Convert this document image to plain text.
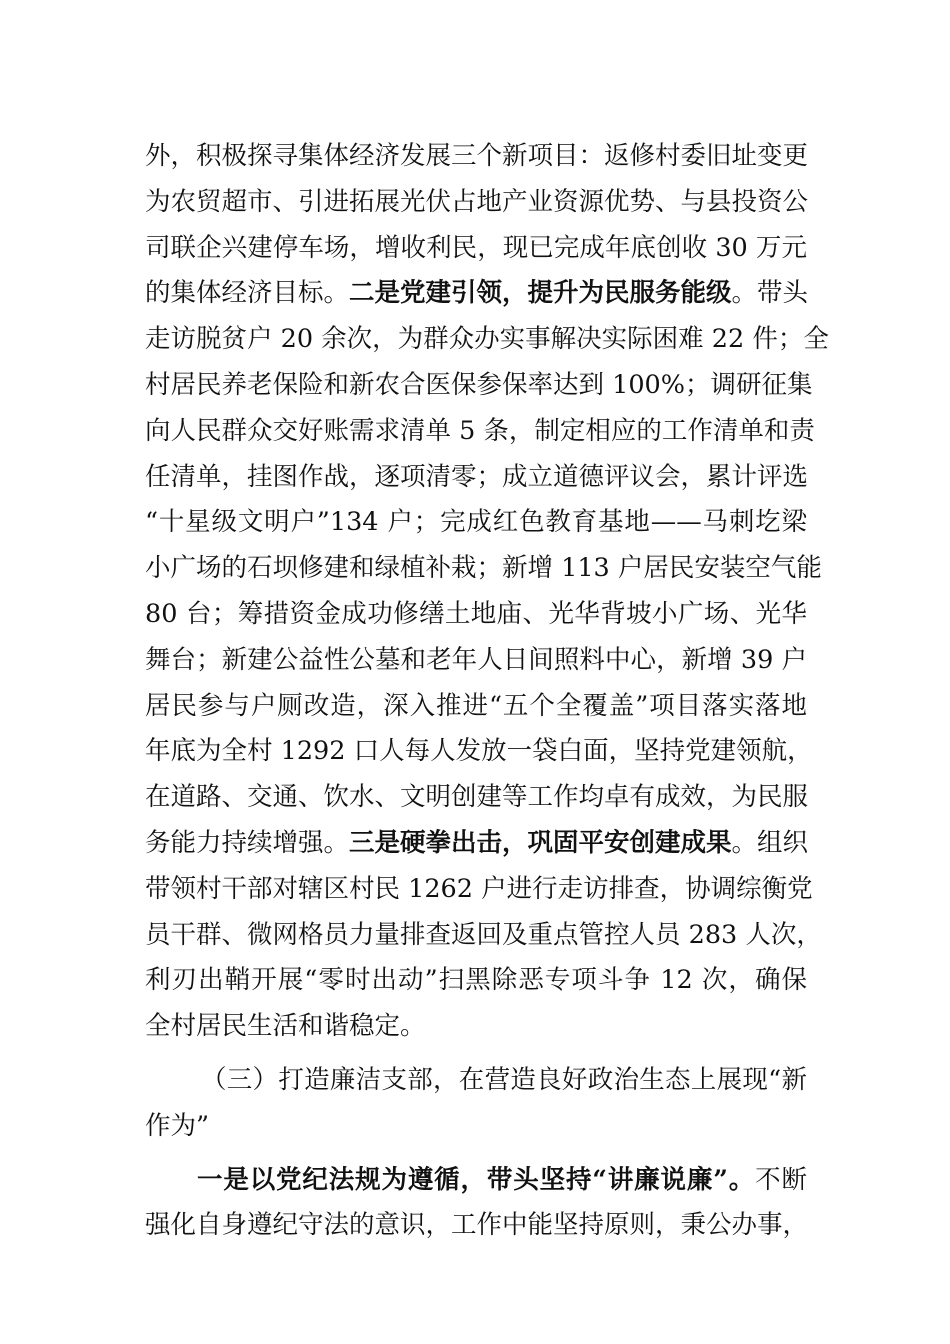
外，积极探寻集体经济发展三个新项目：返修村委旧址变更
为农贸超市、引进拓展光伏占地产业资源优势、与县投资公
司联企兴建停车场，增收利民，现已完成年底创收 30 万元
的集体经济目标。二是党建引领，提升为民服务能级。带头
走访脱贫户 20 余次，为群众办实事解决实际困难 22 件；全
村居民养老保险和新农合医保参保率达到 100%；调研征集
向人民群众交好账需求清单 5 条，制定相应的工作清单和责
任清单，挂图作战，逐项清零；成立道德评议会，累计评选
“十星级文明户”134 户；完成红色教育基地——马刺圪梁
小广场的石坝修建和绿植补栽；新增 113 户居民安装空气能
80 台；筹措资金成功修缮土地庙、光华背坡小广场、光华
舞台；新建公益性公墓和老年人日间照料中心，新增 39 户
居民参与户厕改造，深入推进“五个全覆盖”项目落实落地
年底为全村 1292 口人每人发放一袋白面，坚持党建领航，
在道路、交通、饮水、文明创建等工作均卓有成效，为民服
务能力持续增强。三是硬拳出击，巩固平安创建成果。组织
带领村干部对辖区村民 1262 户进行走访排查，协调综衡党
员干群、微网格员力量排查返回及重点管控人员 283 人次，
利刃出鞘开展“零时出动”扫黑除恶专项斗争 12 次，确保
全村居民生活和谐稳定。
（三）打造廉洁支部，在营造良好政治生态上展现“新
作为”
一是以党纪法规为遵循，带头坚持“讲廉说廉”。不断
强化自身遵纪守法的意识，工作中能坚持原则，秉公办事，
